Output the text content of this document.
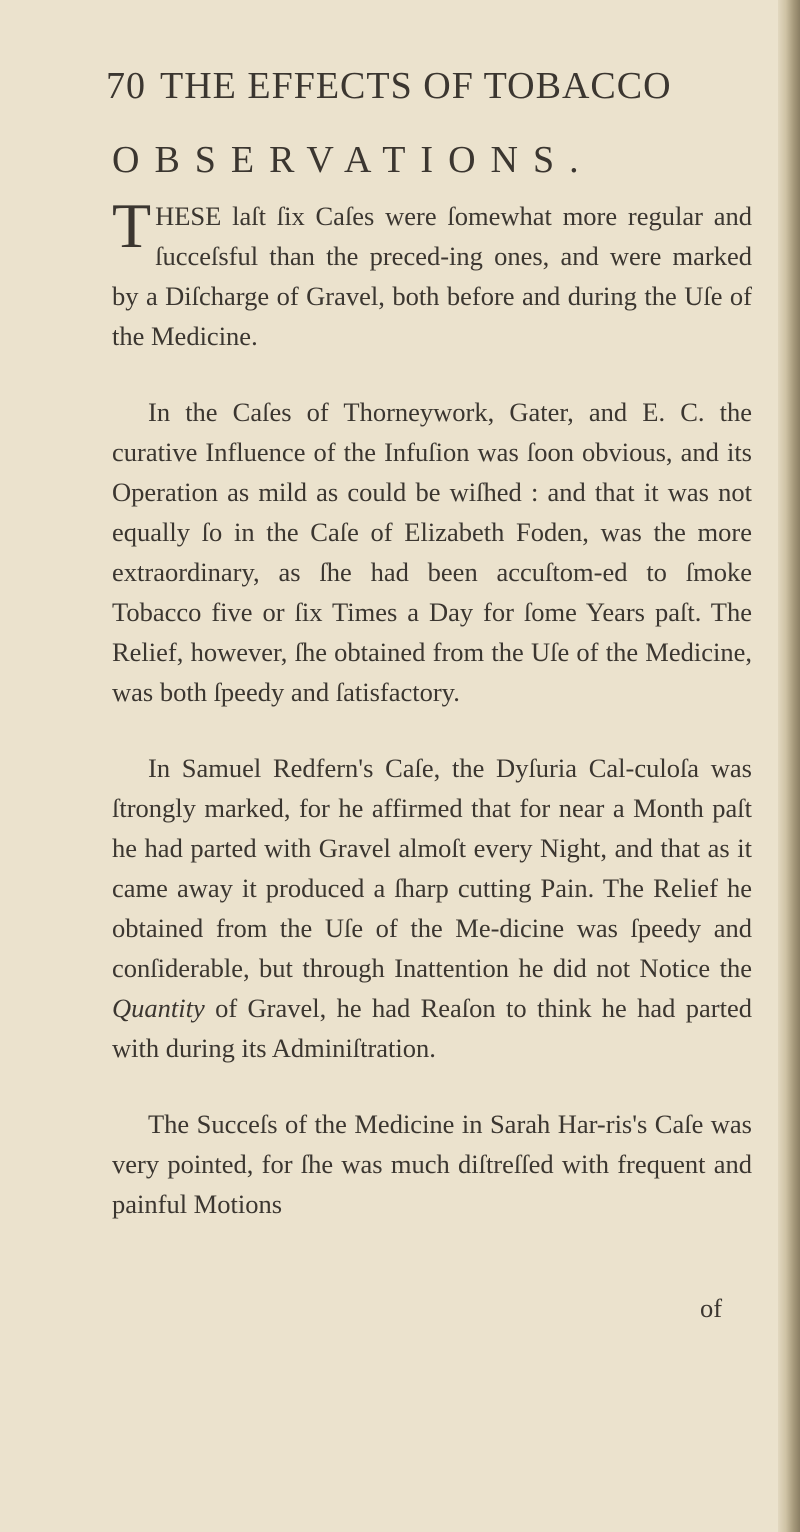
70 THE EFFECTS OF TOBACCO
OBSERVATIONS.

THESE laſt ſix Caſes were ſomewhat more regular and ſucceſsful than the preced-ing ones, and were marked by a Diſcharge of Gravel, both before and during the Uſe of the Medicine.

In the Caſes of Thorneywork, Gater, and E. C. the curative Influence of the Infuſion was ſoon obvious, and its Operation as mild as could be wiſhed : and that it was not equally ſo in the Caſe of Elizabeth Foden, was the more extraordinary, as ſhe had been accuſtom-ed to ſmoke Tobacco five or ſix Times a Day for ſome Years paſt. The Relief, however, ſhe obtained from the Uſe of the Medicine, was both ſpeedy and ſatisfactory.

In Samuel Redfern's Caſe, the Dyſuria Cal-culoſa was ſtrongly marked, for he affirmed that for near a Month paſt he had parted with Gravel almoſt every Night, and that as it came away it produced a ſharp cutting Pain. The Relief he obtained from the Uſe of the Me-dicine was ſpeedy and conſiderable, but through Inattention he did not Notice the Quantity of Gravel, he had Reaſon to think he had parted with during its Adminiſtration.

The Succeſs of the Medicine in Sarah Har-ris's Caſe was very pointed, for ſhe was much diſtreſſed with frequent and painful Motions

of
